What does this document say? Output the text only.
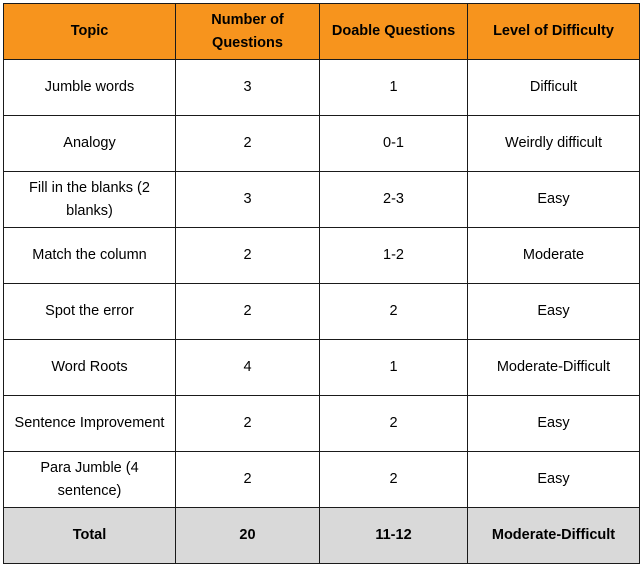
Topic	Number of Questions	Doable Questions	Level of Difficulty
Jumble words	3	1	Difficult
Analogy	2	0-1	Weirdly difficult
Fill in the blanks (2 blanks)	3	2-3	Easy
Match the column	2	1-2	Moderate
Spot the error	2	2	Easy
Word Roots	4	1	Moderate-Difficult
Sentence Improvement	2	2	Easy
Para Jumble (4 sentence)	2	2	Easy
Total	20	11-12	Moderate-Difficult
